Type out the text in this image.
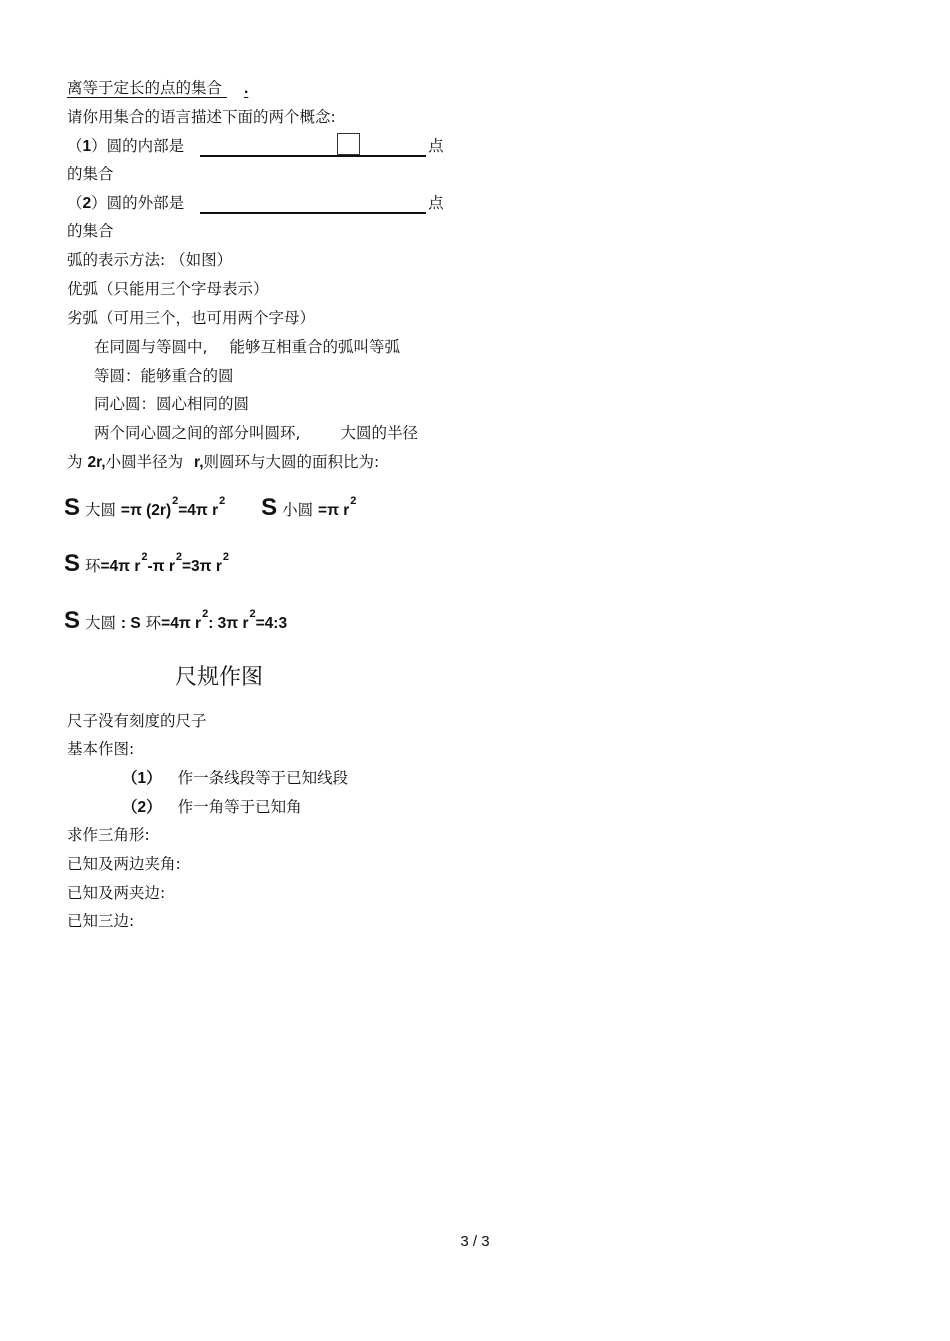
离等于定长的点的集合 .
请你用集合的语言描述下面的两个概念:
（1）圆的内部是	点
的集合
（2）圆的外部是	点
的集合
弧的表示方法: （如图）
优弧（只能用三个字母表示）
劣弧（可用三个，也可用两个字母）
在同圆与等圆中, 能够互相重合的弧叫等弧
等圆：能够重合的圆
同心圆：圆心相同的圆
两个同心圆之间的部分叫圆环,	大圆的半径
为 2r,小圆半径为 r,则圆环与大圆的面积比为:
S 大圆 =π $(2r)^2=4\pi$ $r^2$ S 小圆 =π $r^2$
S 环=4π $r^2-\pi$ $r^2=3\pi$ $r^2$
S 大圆 : S 环=4π $r^2$: 3π $r^2=4:3$
尺规作图
尺子没有刻度的尺子
基本作图:
（1） 作一条线段等于已知线段
（2） 作一角等于已知角
求作三角形:
已知及两边夹角:
已知及两夹边:
已知三边:
3 / 3
